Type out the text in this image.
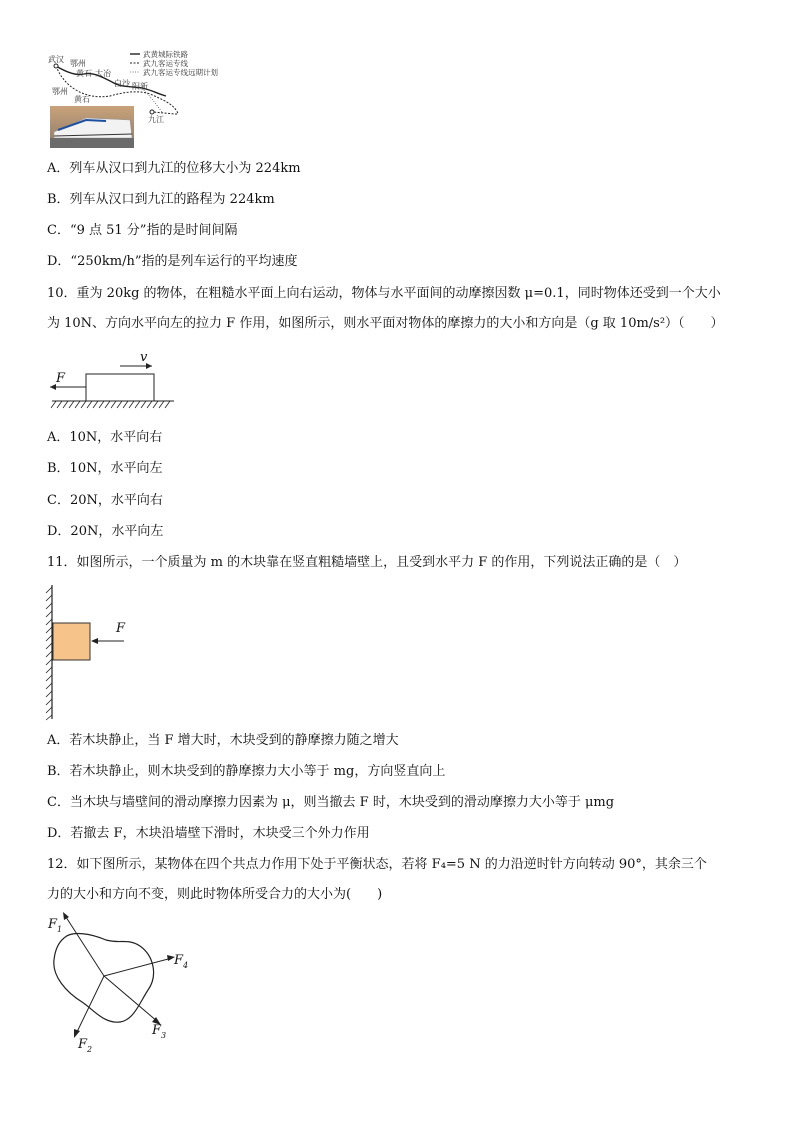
武汉 鄂州
黄石 大冶
白沙 阳新
鄂州
黄石
九江
武黄城际铁路
武九客运专线
武九客运专线远期计划
A．列车从汉口到九江的位移大小为 224km
B．列车从汉口到九江的路程为 224km
C．“9 点 51 分”指的是时间间隔
D．“250km/h”指的是列车运行的平均速度
10．重为 20kg 的物体，在粗糙水平面上向右运动，物体与水平面间的动摩擦因数 μ=0.1，同时物体还受到一个大小
为 10N、方向水平向左的拉力 F 作用，如图所示，则水平面对物体的摩擦力的大小和方向是（g 取 10m/s²）（　　）
F
v
A．10N，水平向右
B．10N，水平向左
C．20N，水平向右
D．20N，水平向左
11．如图所示，一个质量为 m 的木块靠在竖直粗糙墙壁上，且受到水平力 F 的作用，下列说法正确的是（　）
F
A．若木块静止，当 F 增大时，木块受到的静摩擦力随之增大
B．若木块静止，则木块受到的静摩擦力大小等于 mg，方向竖直向上
C．当木块与墙壁间的滑动摩擦力因素为 μ，则当撤去 F 时，木块受到的滑动摩擦力大小等于 μmg
D．若撤去 F，木块沿墙壁下滑时，木块受三个外力作用
12．如下图所示，某物体在四个共点力作用下处于平衡状态，若将 F₄=5 N 的力沿逆时针方向转动 90°，其余三个
力的大小和方向不变，则此时物体所受合力的大小为(　　)
F 1
F 4
F 3
F 2
